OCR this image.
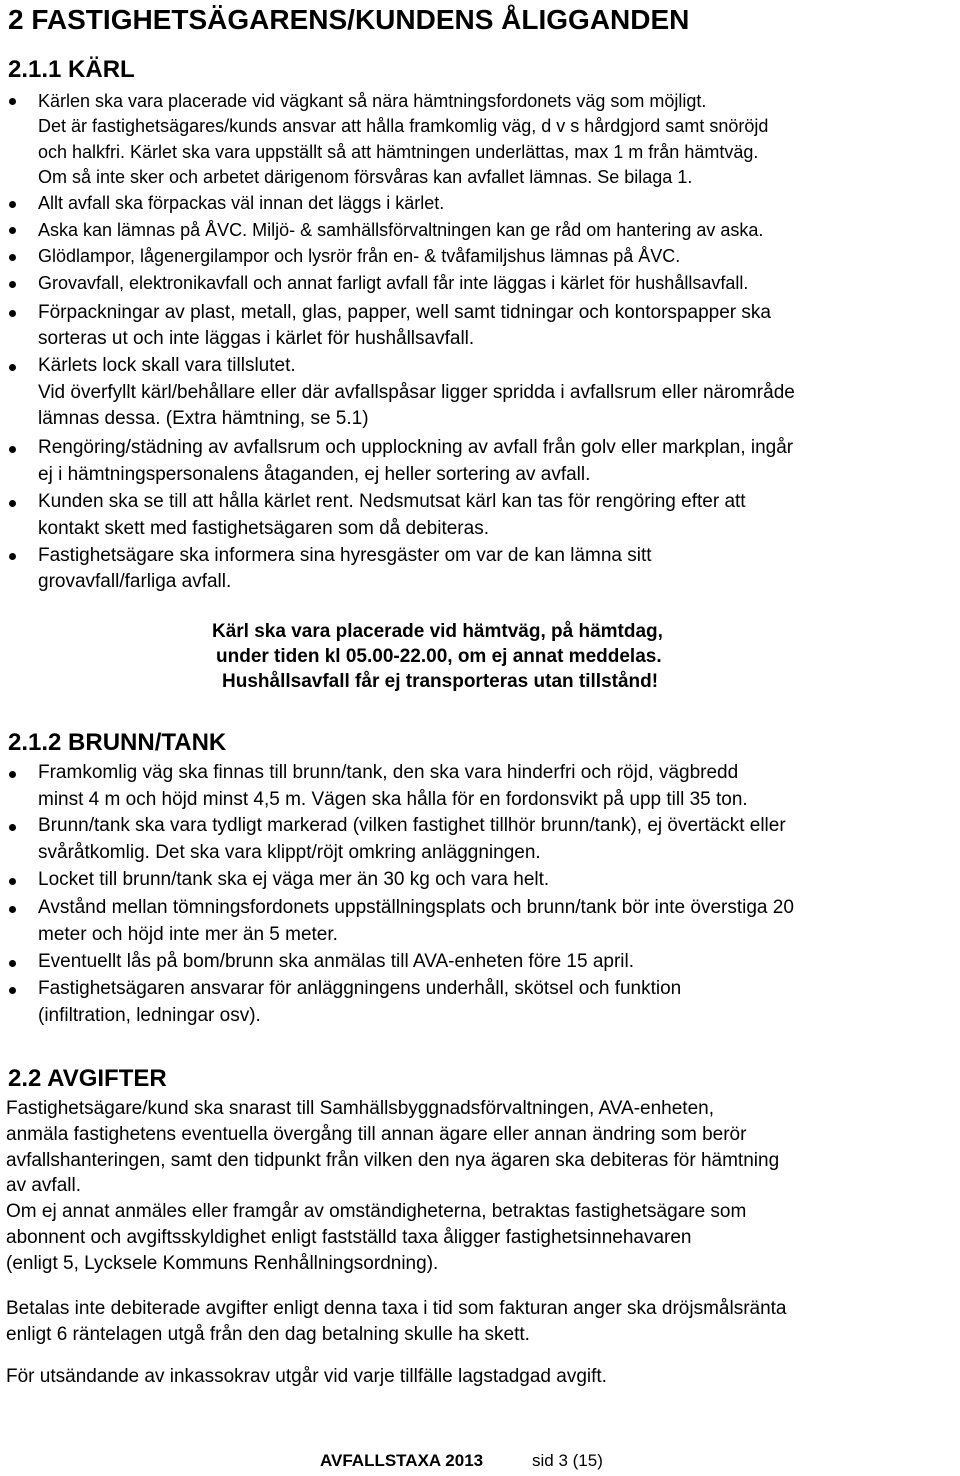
2 FASTIGHETSÄGARENS/KUNDENS ÅLIGGANDEN
2.1.1 KÄRL
Kärlen ska vara placerade vid vägkant så nära hämtningsfordonets väg som möjligt.
Det är fastighetsägares/kunds ansvar att hålla framkomlig väg, d v s hårdgjord samt snöröjd
och halkfri. Kärlet ska vara uppställt så att hämtningen underlättas, max 1 m från hämtväg.
Om så inte sker och arbetet därigenom försvåras kan avfallet lämnas. Se bilaga 1.
Allt avfall ska förpackas väl innan det läggs i kärlet.
Aska kan lämnas på ÅVC. Miljö- & samhällsförvaltningen kan ge råd om hantering av aska.
Glödlampor, lågenergilampor och lysrör från en- & tvåfamiljshus lämnas på ÅVC.
Grovavfall, elektronikavfall och annat farligt avfall får inte läggas i kärlet för hushållsavfall.
Förpackningar av plast, metall, glas, papper, well samt tidningar och kontorspapper ska
sorteras ut och inte läggas i kärlet för hushållsavfall.
Kärlets lock skall vara tillslutet.
Vid överfyllt kärl/behållare eller där avfallspåsar ligger spridda i avfallsrum eller närområde
lämnas dessa. (Extra hämtning, se 5.1)
Rengöring/städning av avfallsrum och upplockning av avfall från golv eller markplan, ingår
ej i hämtningspersonalens åtaganden, ej heller sortering av avfall.
Kunden ska se till att hålla kärlet rent. Nedsmutsat kärl kan tas för rengöring efter att
kontakt skett med fastighetsägaren som då debiteras.
Fastighetsägare ska informera sina hyresgäster om var de kan lämna sitt
grovavfall/farliga avfall.
Kärl ska vara placerade vid hämtväg, på hämtdag,
under tiden kl 05.00-22.00, om ej annat meddelas.
Hushållsavfall får ej transporteras utan tillstånd!
2.1.2 BRUNN/TANK
Framkomlig väg ska finnas till brunn/tank, den ska vara hinderfri och röjd, vägbredd
minst 4 m och höjd minst 4,5 m. Vägen ska hålla för en fordonsvikt på upp till 35 ton.
Brunn/tank ska vara tydligt markerad (vilken fastighet tillhör brunn/tank), ej övertäckt eller
svåråtkomlig. Det ska vara klippt/röjt omkring anläggningen.
Locket till brunn/tank ska ej väga mer än 30 kg och vara helt.
Avstånd mellan tömningsfordonets uppställningsplats och brunn/tank bör inte överstiga 20
meter och höjd inte mer än 5 meter.
Eventuellt lås på bom/brunn ska anmälas till AVA-enheten före 15 april.
Fastighetsägaren ansvarar för anläggningens underhåll, skötsel och funktion
(infiltration, ledningar osv).
2.2 AVGIFTER
Fastighetsägare/kund ska snarast till Samhällsbyggnadsförvaltningen, AVA-enheten,
anmäla fastighetens eventuella övergång till annan ägare eller annan ändring som berör
avfallshanteringen, samt den tidpunkt från vilken den nya ägaren ska debiteras för hämtning
av avfall.
Om ej annat anmäles eller framgår av omständigheterna, betraktas fastighetsägare som
abonnent och avgiftsskyldighet enligt fastställd taxa åligger fastighetsinnehavaren
(enligt 5, Lycksele Kommuns Renhållningsordning).
Betalas inte debiterade avgifter enligt denna taxa i tid som fakturan anger ska dröjsmålsränta
enligt 6 räntelagen utgå från den dag betalning skulle ha skett.
För utsändande av inkassokrav utgår vid varje tillfälle lagstadgad avgift.
AVFALLSTAXA 2013	sid 3 (15)
